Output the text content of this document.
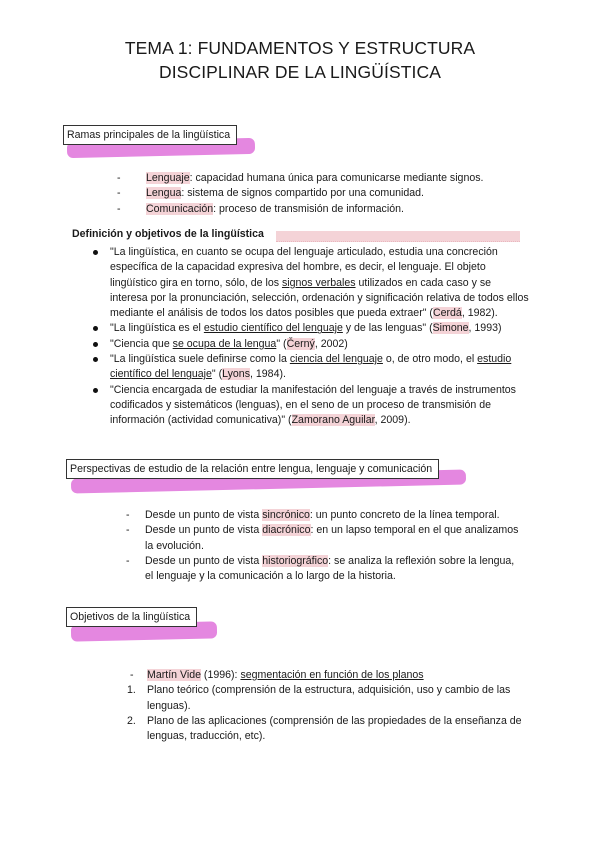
TEMA 1: FUNDAMENTOS Y ESTRUCTURA
DISCIPLINAR DE LA LINGÜÍSTICA
Ramas principales de la lingüística
- Lenguaje: capacidad humana única para comunicarse mediante signos.
- Lengua: sistema de signos compartido por una comunidad.
- Comunicación: proceso de transmisión de información.
Definición y objetivos de la lingüística
"La lingüística, en cuanto se ocupa del lenguaje articulado, estudia una concreción específica de la capacidad expresiva del hombre, es decir, el lenguaje. El objeto lingüístico gira en torno, sólo, de los signos verbales utilizados en cada caso y se interesa por la pronunciación, selección, ordenación y significación relativa de todos ellos mediante el análisis de todos los datos posibles que pueda extraer" (Cerdá, 1982).
"La lingüística es el estudio científico del lenguaje y de las lenguas" (Simone, 1993)
"Ciencia que se ocupa de la lengua" (Černý, 2002)
"La lingüística suele definirse como la ciencia del lenguaje o, de otro modo, el estudio científico del lenguaje" (Lyons, 1984).
"Ciencia encargada de estudiar la manifestación del lenguaje a través de instrumentos codificados y sistemáticos (lenguas), en el seno de un proceso de transmisión de información (actividad comunicativa)" (Zamorano Aguilar, 2009).
Perspectivas de estudio de la relación entre lengua, lenguaje y comunicación
- Desde un punto de vista sincrónico: un punto concreto de la línea temporal.
- Desde un punto de vista diacrónico: en un lapso temporal en el que analizamos la evolución.
- Desde un punto de vista historiográfico: se analiza la reflexión sobre la lengua, el lenguaje y la comunicación a lo largo de la historia.
Objetivos de la lingüística
- Martín Vide (1996): segmentación en función de los planos
1. Plano teórico (comprensión de la estructura, adquisición, uso y cambio de las lenguas).
2. Plano de las aplicaciones (comprensión de las propiedades de la enseñanza de lenguas, traducción, etc).
